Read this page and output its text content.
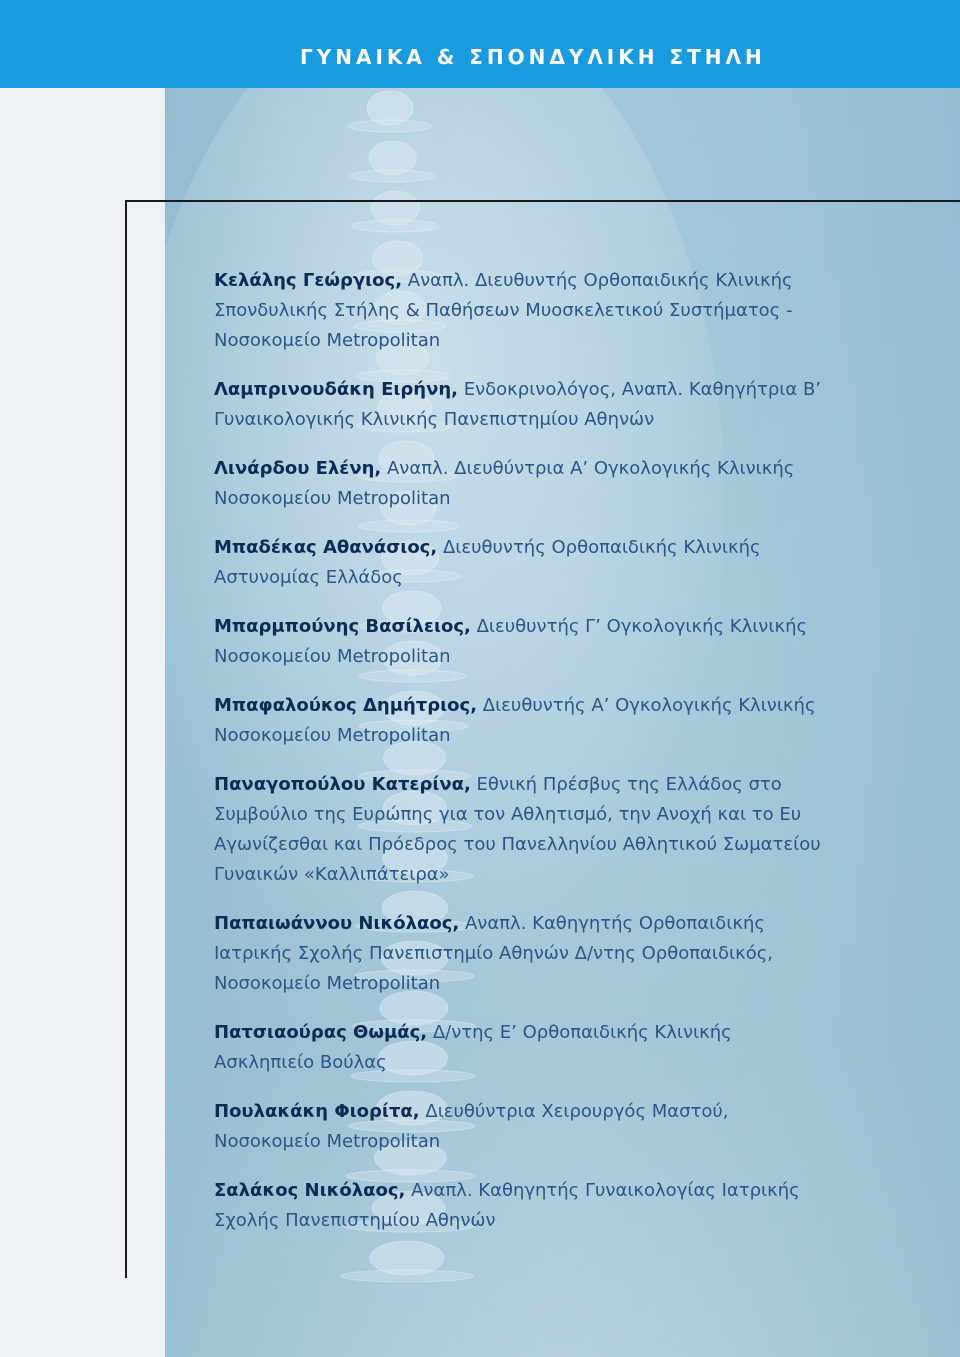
ΓΥΝΑΙΚΑ & ΣΠΟΝΔΥΛΙΚΗ ΣΤΗΛΗ

Κελάλης Γεώργιος, Αναπλ. Διευθυντής Ορθοπαιδικής Κλινικής Σπονδυλικής Στήλης & Παθήσεων Μυοσκελετικού Συστήματος - Νοσοκομείο Metropolitan

Λαμπρινουδάκη Ειρήνη, Ενδοκρινολόγος, Αναπλ. Καθηγήτρια Β’ Γυναικολογικής Κλινικής Πανεπιστημίου Αθηνών

Λινάρδου Ελένη, Αναπλ. Διευθύντρια Α’ Ογκολογικής Κλινικής Νοσοκομείου Metropolitan

Μπαδέκας Αθανάσιος, Διευθυντής Ορθοπαιδικής Κλινικής Αστυνομίας Ελλάδος

Μπαρμπούνης Βασίλειος, Διευθυντής Γ’ Ογκολογικής Κλινικής Νοσοκομείου Metropolitan

Μπαφαλούκος Δημήτριος, Διευθυντής Α’ Ογκολογικής Κλινικής Νοσοκομείου Metropolitan

Παναγοπούλου Κατερίνα, Εθνική Πρέσβυς της Ελλάδος στο Συμβούλιο της Ευρώπης για τον Αθλητισμό, την Ανοχή και το Ευ Αγωνίζεσθαι και Πρόεδρος του Πανελληνίου Αθλητικού Σωματείου Γυναικών «Καλλιπάτειρα»

Παπαιωάννου Νικόλαος, Αναπλ. Καθηγητής Ορθοπαιδικής Ιατρικής Σχολής Πανεπιστημίο Αθηνών Δ/ντης Ορθοπαιδικός, Νοσοκομείο Metropolitan

Πατσιαούρας Θωμάς, Δ/ντης Ε’ Ορθοπαιδικής Κλινικής Ασκληπιείο Βούλας

Πουλακάκη Φιορίτα, Διευθύντρια Χειρουργός Μαστού, Νοσοκομείο Metropolitan

Σαλάκος Νικόλαος, Αναπλ. Καθηγητής Γυναικολογίας Ιατρικής Σχολής Πανεπιστημίου Αθηνών
